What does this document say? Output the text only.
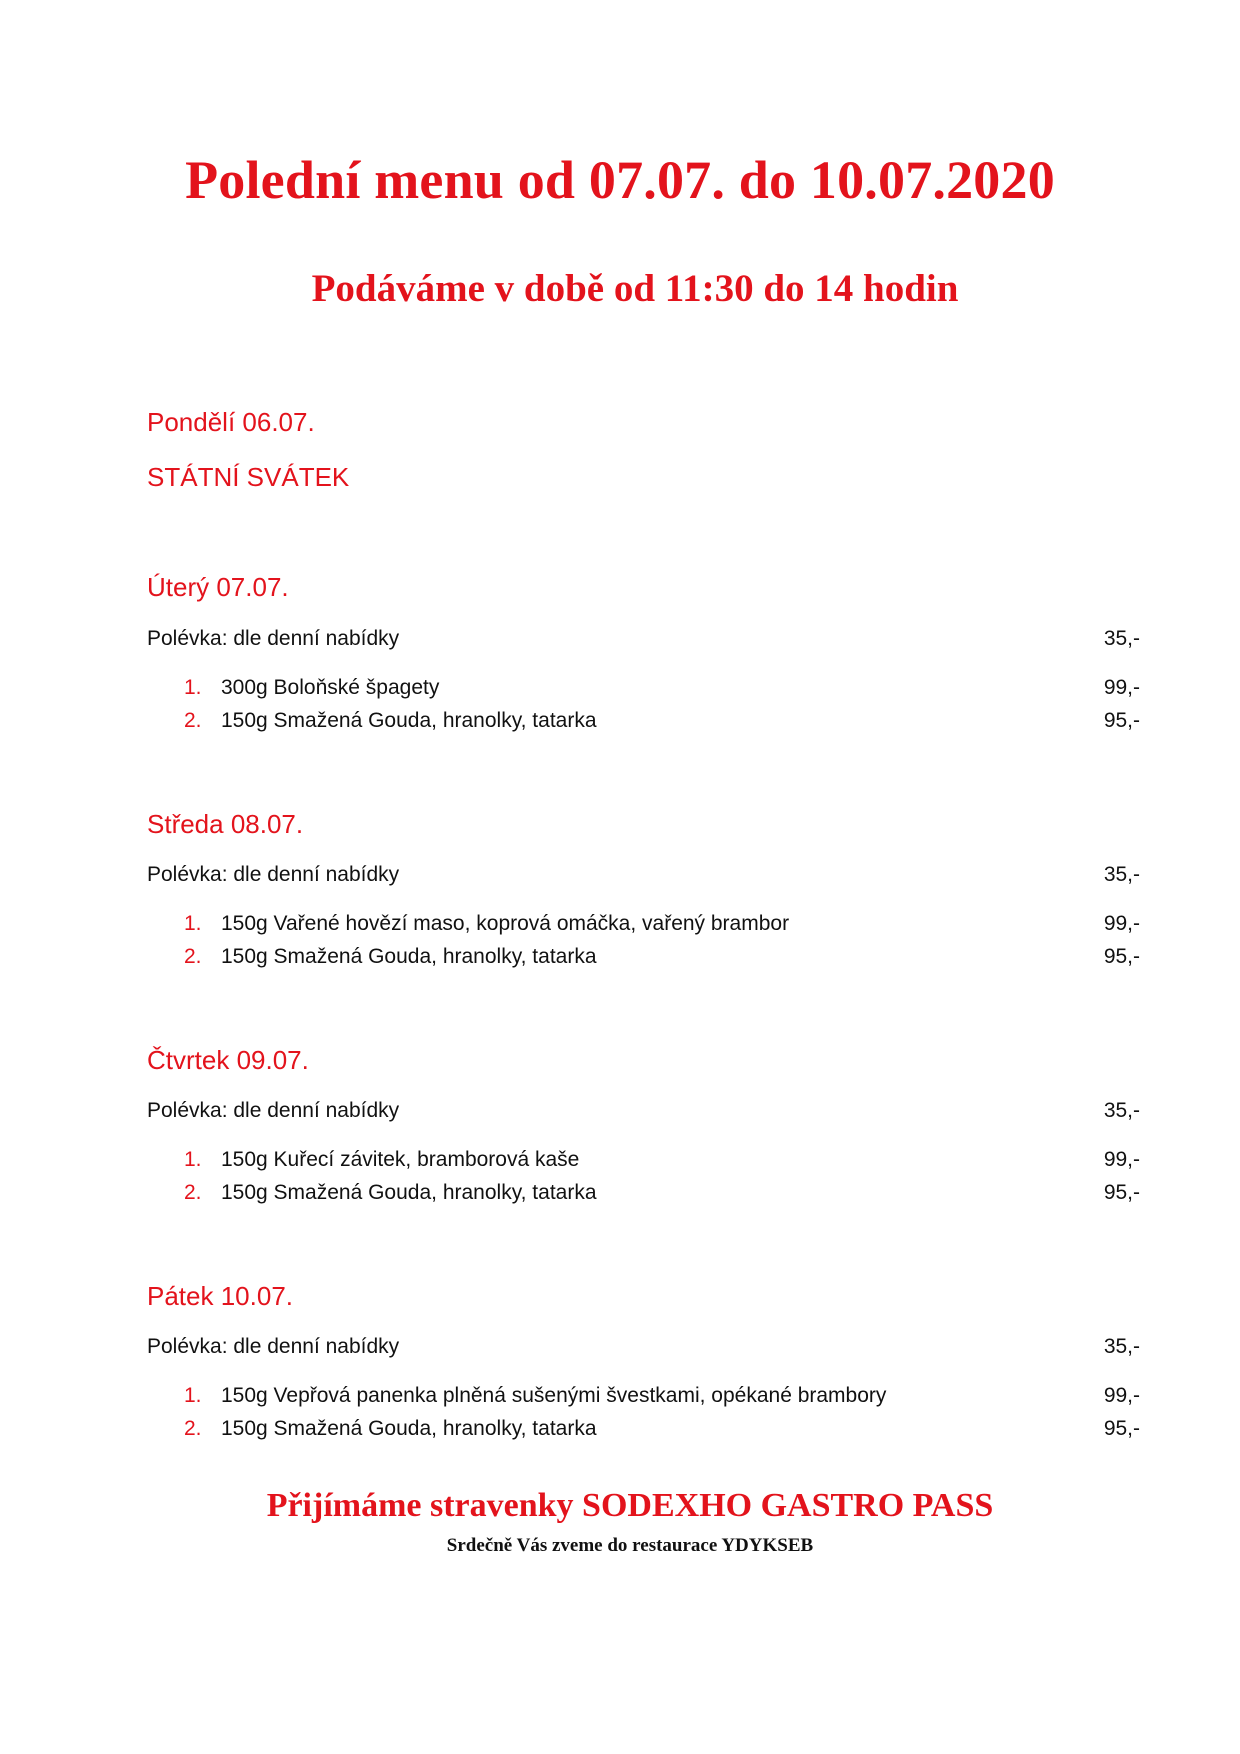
Polední menu od 07.07. do 10.07.2020
Podáváme v době od 11:30 do 14 hodin
Pondělí 06.07.
STÁTNÍ SVÁTEK
Úterý 07.07.
Polévka: dle denní nabídky	35,-
1. 300g Boloňské špagety	99,-
2. 150g Smažená Gouda, hranolky, tatarka	95,-
Středa 08.07.
Polévka: dle denní nabídky	35,-
1. 150g Vařené hovězí maso, koprová omáčka, vařený brambor	99,-
2. 150g Smažená Gouda, hranolky, tatarka	95,-
Čtvrtek 09.07.
Polévka: dle denní nabídky	35,-
1. 150g Kuřecí závitek, bramborová kaše	99,-
2. 150g Smažená Gouda, hranolky, tatarka	95,-
Pátek 10.07.
Polévka: dle denní nabídky	35,-
1. 150g Vepřová panenka plněná sušenými švestkami, opékané brambory	99,-
2. 150g Smažená Gouda, hranolky, tatarka	95,-
Přijímáme stravenky SODEXHO GASTRO PASS
Srdečně Vás zveme do restaurace YDYKSEB
